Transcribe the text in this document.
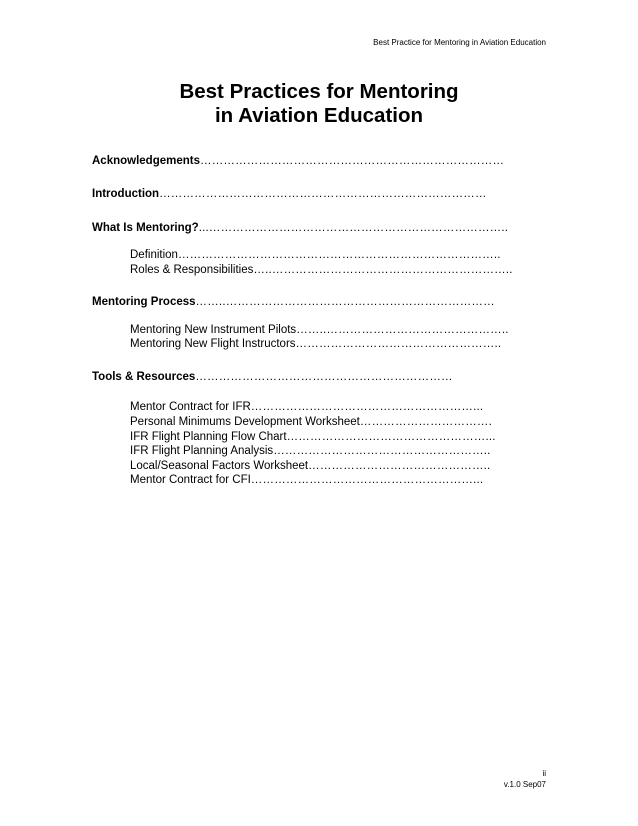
Best Practice for Mentoring in Aviation Education
Best Practices for Mentoring
in Aviation Education
Acknowledgements……………………………………………………………………
Introduction…………………………………………………………………………
What Is Mentoring?...…………………………………………………………………..
Definition………………………………………………………………………..
Roles & Responsibilities…..……………………………………………………..
Mentoring Process……..……………………………………………………………
Mentoring New Instrument Pilots……..………………………………………..
Mentoring New Flight Instructors……………………………………………..
Tools & Resources…………………………………………………………
Mentor Contract for IFR…………………………………………………...
Personal Minimums Development Worksheet…………………………….
IFR Flight Planning Flow Chart……………………………………………...
IFR Flight Planning Analysis………………………………………………..
Local/Seasonal Factors Worksheet………………………………………..
Mentor Contract for CFI…………………………………………………...
ii
v.1.0 Sep07
